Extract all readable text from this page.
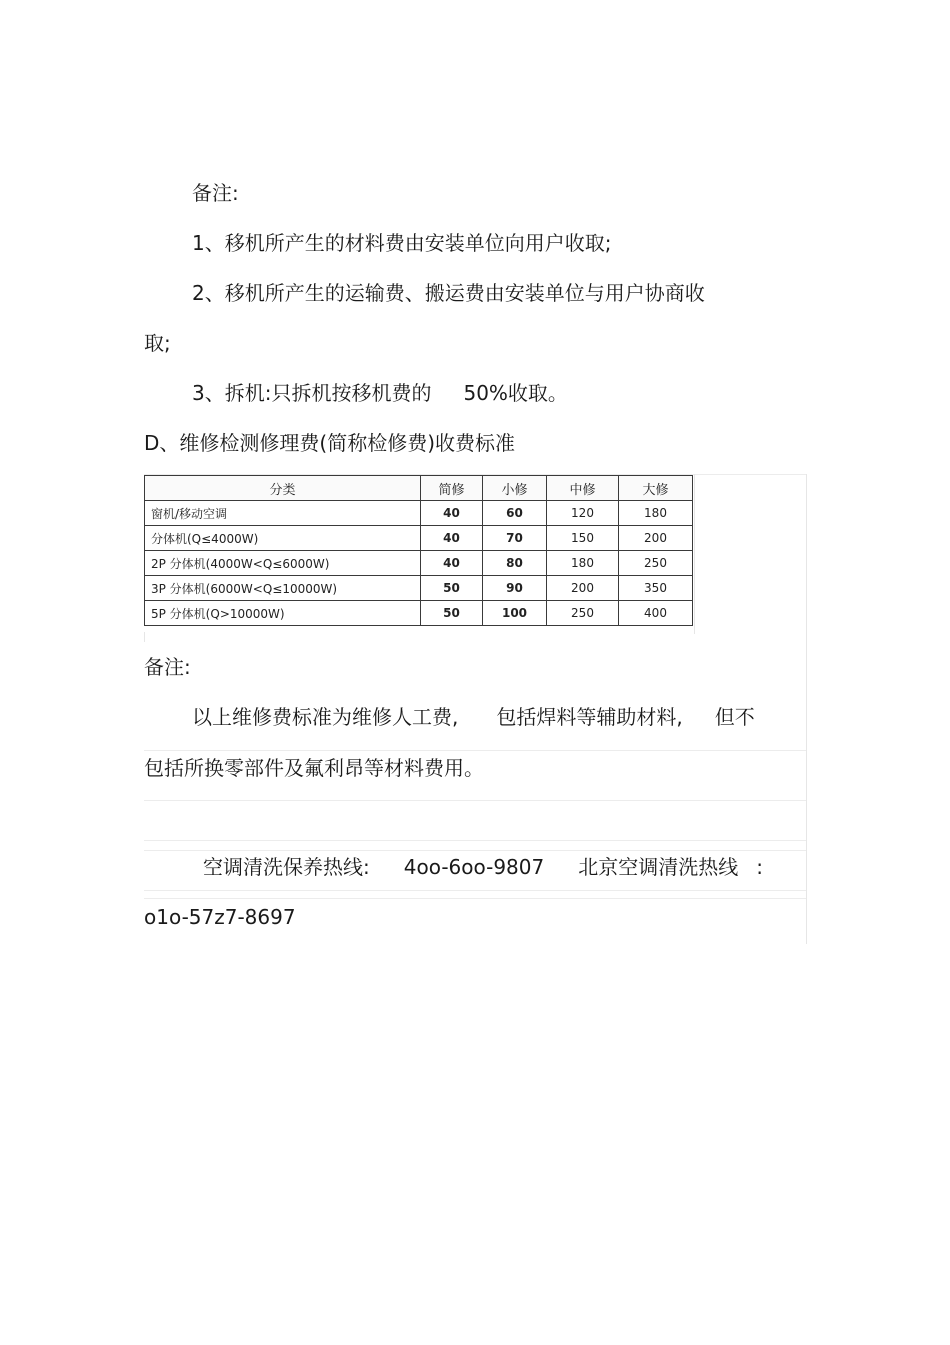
备注:
1、移机所产生的材料费由安装单位向用户收取;
2、移机所产生的运输费、搬运费由安装单位与用户协商收
取;
3、拆机:只拆机按移机费的 50%收取。
D、维修检测修理费(简称检修费)收费标准
分类	简修	小修	中修	大修
窗机/移动空调	40	60	120	180
分体机(Q≤4000W)	40	70	150	200
2P 分体机(4000W<Q≤6000W)	40	80	180	250
3P 分体机(6000W<Q≤10000W)	50	90	200	350
5P 分体机(Q>10000W)	50	100	250	400
备注:
以上维修费标准为维修人工费, 包括焊料等辅助材料, 但不
包括所换零部件及氟利昂等材料费用。
空调清洗保养热线: 4oo-6oo-9807 北京空调清洗热线 :
o1o-57z7-8697
